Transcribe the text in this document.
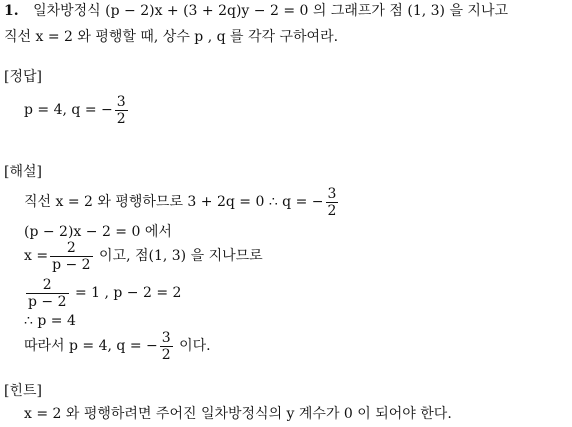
1. 일차방정식 (p − 2)x + (3 + 2q)y − 2 = 0 의 그래프가 점 (1, 3) 을 지나고
직선 x = 2 와 평행할 때, 상수 p , q 를 각각 구하여라.
[정답]
p = 4, q = − $\frac{3}{2}$
[해설]
직선 x = 2 와 평행하므로 3 + 2q = 0 ∴ q = − $\frac{3}{2}$
(p − 2)x − 2 = 0 에서
$x = \frac{2}{p - 2}$ 이고, 점(1, 3) 을 지나므로
$\frac{2}{p - 2} = 1$ , p − 2 = 2
∴ p = 4
따라서 p = 4, q = − $\frac{3}{2}$ 이다.
[힌트]
x = 2 와 평행하려면 주어진 일차방정식의 y 계수가 0 이 되어야 한다.
